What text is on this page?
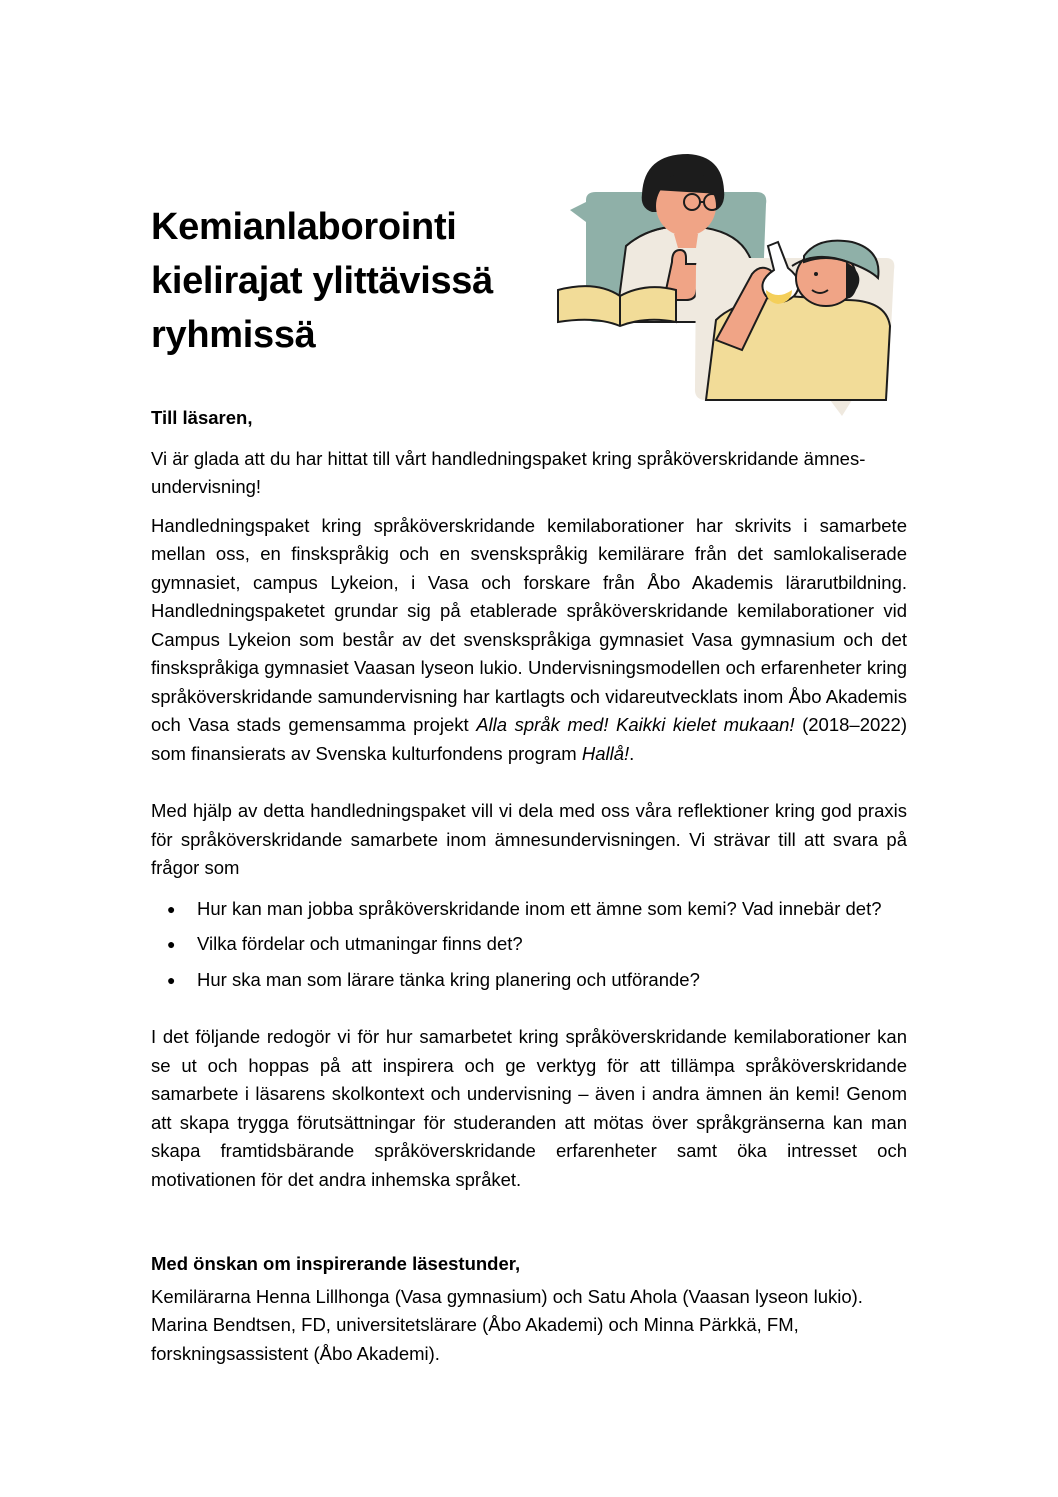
Kemianlaborointi
kielirajat ylittävissä
ryhmissä

Till läsaren,

Vi är glada att du har hittat till vårt handledningspaket kring språköverskridande ämnes-undervisning!

Handledningspaket kring språköverskridande kemilaborationer har skrivits i samarbete mellan oss, en finskspråkig och en svenskspråkig kemilärare från det samlokaliserade gymnasiet, campus Lykeion, i Vasa och forskare från Åbo Akademis lärarutbildning. Handledningspaketet grundar sig på etablerade språköverskridande kemilaborationer vid Campus Lykeion som består av det svenskspråkiga gymnasiet Vasa gymnasium och det finskspråkiga gymnasiet Vaasan lyseon lukio. Undervisningsmodellen och erfarenheter kring språköverskridande samundervisning har kartlagts och vidareutvecklats inom Åbo Akademis och Vasa stads gemensamma projekt Alla språk med! Kaikki kielet mukaan! (2018–2022) som finansierats av Svenska kulturfondens program Hallå!.

Med hjälp av detta handledningspaket vill vi dela med oss våra reflektioner kring god praxis för språköverskridande samarbete inom ämnesundervisningen. Vi strävar till att svara på frågor som

● Hur kan man jobba språköverskridande inom ett ämne som kemi? Vad innebär det?
● Vilka fördelar och utmaningar finns det?
● Hur ska man som lärare tänka kring planering och utförande?

I det följande redogör vi för hur samarbetet kring språköverskridande kemilaborationer kan se ut och hoppas på att inspirera och ge verktyg för att tillämpa språköverskridande samarbete i läsarens skolkontext och undervisning – även i andra ämnen än kemi! Genom att skapa trygga förutsättningar för studeranden att mötas över språkgränserna kan man skapa framtidsbärande språköverskridande erfarenheter samt öka intresset och motivationen för det andra inhemska språket.

Med önskan om inspirerande läsestunder,

Kemilärarna Henna Lillhonga (Vasa gymnasium) och Satu Ahola (Vaasan lyseon lukio).

Marina Bendtsen, FD, universitetslärare (Åbo Akademi) och Minna Pärkkä, FM,

forskningsassistent (Åbo Akademi).
